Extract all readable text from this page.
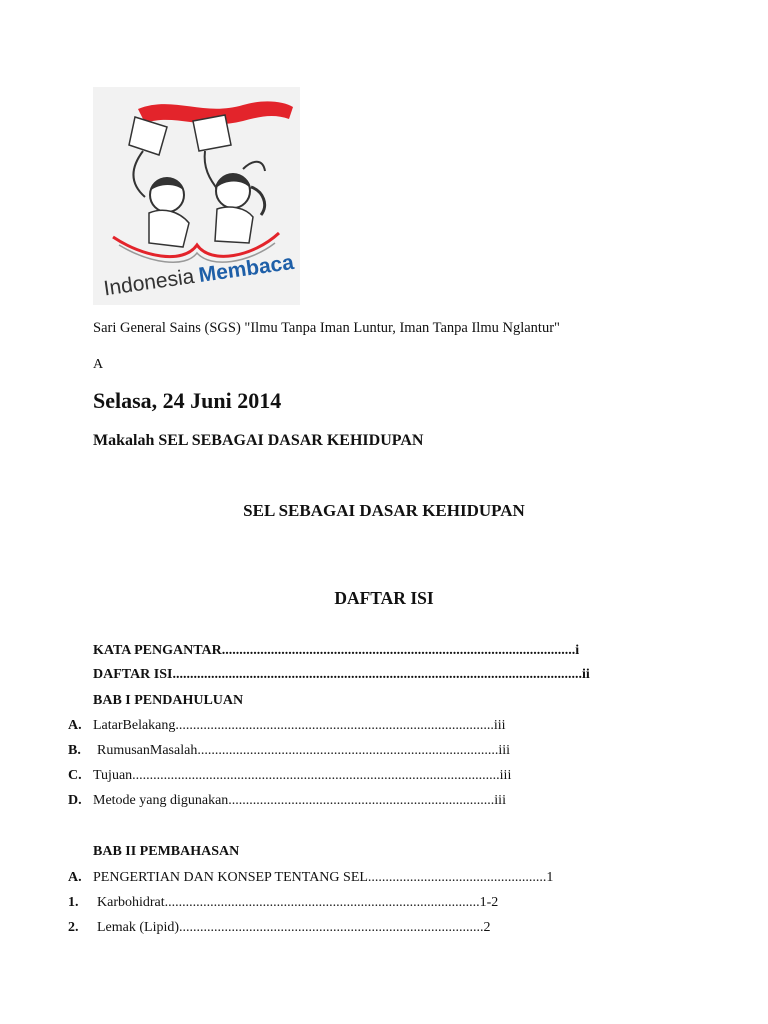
Indonesia Membaca
Sari General Sains (SGS) "Ilmu Tanpa Iman Luntur, Iman Tanpa Ilmu Nglantur"
A
Selasa, 24 Juni 2014
Makalah SEL SEBAGAI DASAR KEHIDUPAN
SEL SEBAGAI DASAR KEHIDUPAN
DAFTAR ISI
KATA PENGANTAR.....................................................................................................i
DAFTAR ISI.....................................................................................................................ii
BAB I PENDAHULUAN
A. LatarBelakang...........................................................................................iii
B. RumusanMasalah......................................................................................iii
C. Tujuan.........................................................................................................iii
D. Metode yang digunakan............................................................................iii
BAB II PEMBAHASAN
A. PENGERTIAN DAN KONSEP TENTANG SEL...................................................1
1. Karbohidrat..........................................................................................1-2
2. Lemak (Lipid).......................................................................................2
